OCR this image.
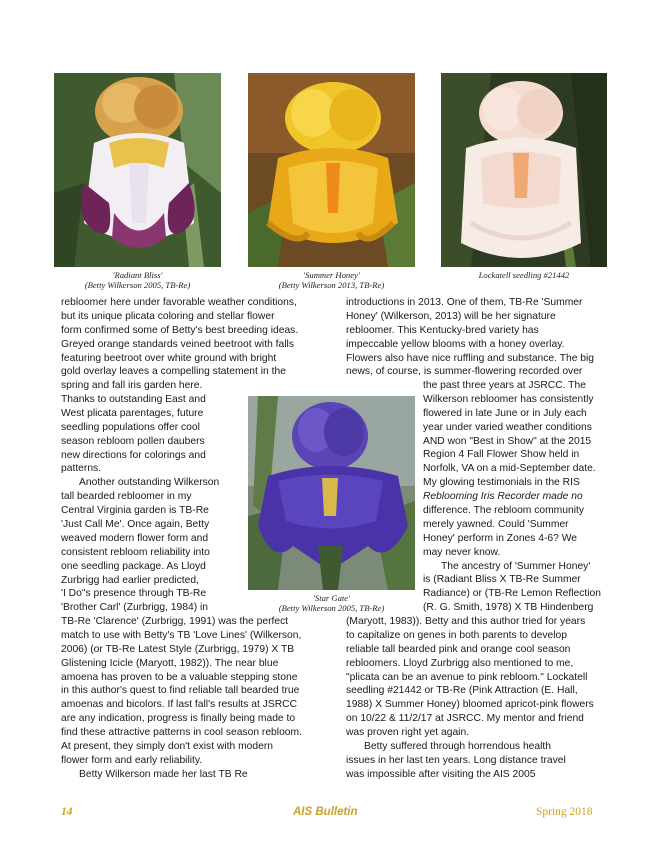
'Radiant Bliss'
(Betty Wilkerson 2005, TB-Re)
'Summer Honey'
(Betty Wilkerson 2013, TB-Re)
Lockatell seedling #21442
'Star Gate'
(Betty Wilkerson 2005, TB-Re)
rebloomer here under favorable weather conditions,
but its unique plicata coloring and stellar flower
form confirmed some of Betty's best breeding ideas.
Greyed orange standards veined beetroot with falls
featuring beetroot over white ground with bright
gold overlay leaves a compelling statement in the
spring and fall iris garden here.
Thanks to outstanding East and
West plicata parentages, future
seedling populations offer cool
season rebloom pollen daubers
new directions for colorings and
patterns.
Another outstanding Wilkerson
tall bearded rebloomer in my
Central Virginia garden is TB-Re
'Just Call Me'. Once again, Betty
weaved modern flower form and
consistent rebloom reliability into
one seedling package. As Lloyd
Zurbrigg had earlier predicted,
'I Do"s presence through TB-Re
'Brother Carl' (Zurbrigg, 1984) in
TB-Re 'Clarence' (Zurbrigg, 1991) was the perfect
match to use with Betty's TB 'Love Lines' (Wilkerson,
2006) (or TB-Re Latest Style (Zurbrigg, 1979) X TB
Glistening Icicle (Maryott, 1982)). The near blue
amoena has proven to be a valuable stepping stone
in this author's quest to find reliable tall bearded true
amoenas and bicolors. If last fall's results at JSRCC
are any indication, progress is finally being made to
find these attractive patterns in cool season rebloom.
At present, they simply don't exist with modern
flower form and early reliability.
Betty Wilkerson made her last TB Re
introductions in 2013. One of them, TB-Re 'Summer
Honey' (Wilkerson, 2013) will be her signature
rebloomer. This Kentucky-bred variety has
impeccable yellow blooms with a honey overlay.
Flowers also have nice ruffling and substance. The big
news, of course, is summer-flowering recorded over
the past three years at JSRCC. The
Wilkerson rebloomer has consistently
flowered in late June or in July each
year under varied weather conditions
AND won "Best in Show" at the 2015
Region 4 Fall Flower Show held in
Norfolk, VA on a mid-September date.
My glowing testimonials in the RIS
Reblooming Iris Recorder made no
difference. The rebloom community
merely yawned. Could 'Summer
Honey' perform in Zones 4-6? We
may never know.
The ancestry of 'Summer Honey'
is (Radiant Bliss X TB-Re Summer
Radiance) or (TB-Re Lemon Reflection
(R. G. Smith, 1978) X TB Hindenberg
(Maryott, 1983)). Betty and this author tried for years
to capitalize on genes in both parents to develop
reliable tall bearded pink and orange cool season
rebloomers. Lloyd Zurbrigg also mentioned to me,
"plicata can be an avenue to pink rebloom." Lockatell
seedling #21442 or TB-Re (Pink Attraction (E. Hall,
1988) X Summer Honey) bloomed apricot-pink flowers
on 10/22 & 11/2/17 at JSRCC. My mentor and friend
was proven right yet again.
Betty suffered through horrendous health
issues in her last ten years. Long distance travel
was impossible after visiting the AIS 2005
14	AIS Bulletin	Spring 2018
